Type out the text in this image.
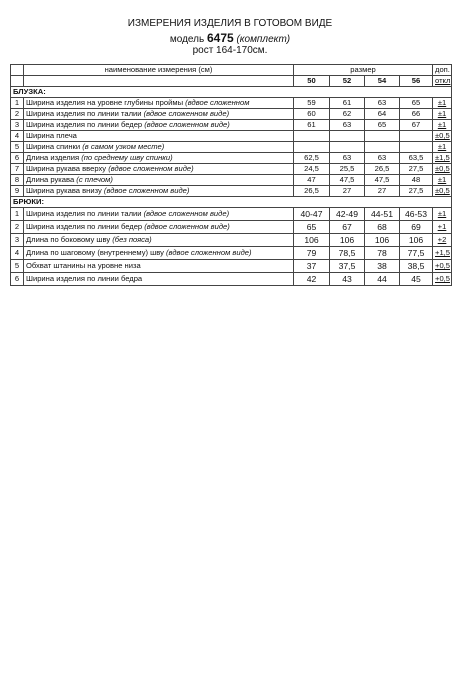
ИЗМЕРЕНИЯ ИЗДЕЛИЯ В ГОТОВОМ ВИДЕ
модель 6475 (комплект)
рост 164-170см.
	наименование измерения (см)	размер				доп.
		50	52	54	56	откл
БЛУЗКА:						
1	Ширина изделия на уровне глубины проймы (вдвое сложенном	59	61	63	65	±1
2	Ширина изделия по линии талии (вдвое сложенном виде)	60	62	64	66	±1
3	Ширина изделия по линии бедер (вдвое сложенном виде)	61	63	65	67	±1
4	Ширина плеча					±0,5
5	Ширина спинки (в самом узком месте)					±1
6	Длина изделия (по среднему шву спинки)	62,5	63	63	63,5	±1,5
7	Ширина рукава вверху (вдвое сложенном виде)	24,5	25,5	26,5	27,5	±0,5
8	Длина рукава (с плечом)	47	47,5	47,5	48	±1
9	Ширина рукава внизу (вдвое сложенном виде)	26,5	27	27	27,5	±0,5
БРЮКИ:						
1	Ширина изделия по линии талии (вдвое сложенном виде)	40-47	42-49	44-51	46-53	±1
2	Ширина изделия по линии бедер (вдвое сложенном виде)	65	67	68	69	+1
3	Длина по боковому шву (без пояса)	106	106	106	106	+2
4	Длина по шаговому (внутреннему) шву (вдвое сложенном виде)	79	78,5	78	77,5	+1,5
5	Обхват штанины на уровне низа	37	37,5	38	38,5	+0,5
6	Ширина изделия по линии бедра	42	43	44	45	+0,5
